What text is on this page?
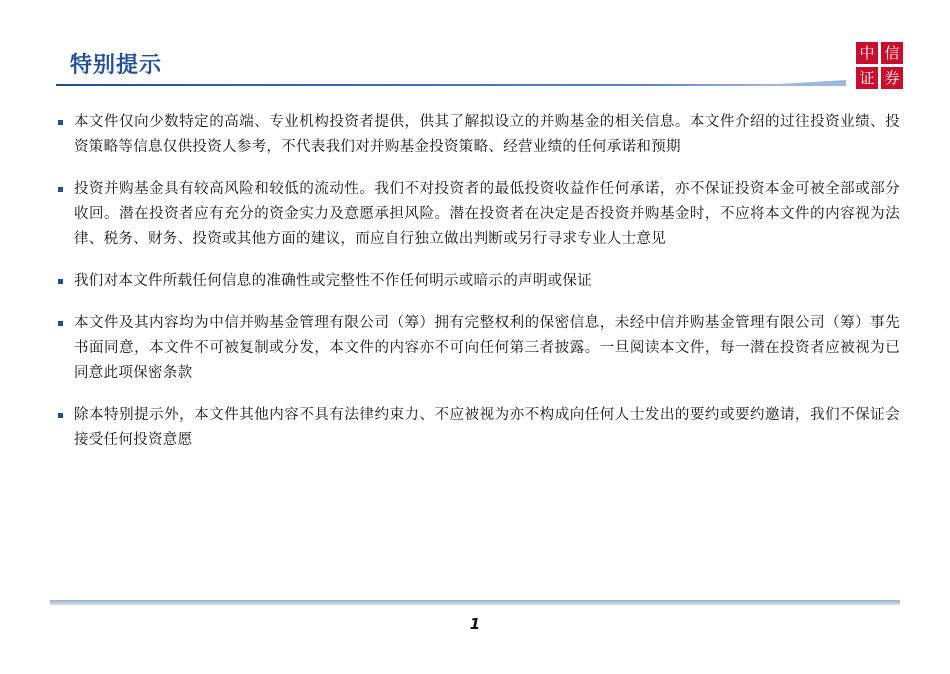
特别提示	中 信
证 券
本文件仅向少数特定的高端、专业机构投资者提供，供其了解拟设立的并购基金的相关信息。本文件介绍的过往投资业绩、投资策略等信息仅供投资人参考，不代表我们对并购基金投资策略、经营业绩的任何承诺和预期
投资并购基金具有较高风险和较低的流动性。我们不对投资者的最低投资收益作任何承诺，亦不保证投资本金可被全部或部分收回。潜在投资者应有充分的资金实力及意愿承担风险。潜在投资者在决定是否投资并购基金时，不应将本文件的内容视为法律、税务、财务、投资或其他方面的建议，而应自行独立做出判断或另行寻求专业人士意见
我们对本文件所载任何信息的准确性或完整性不作任何明示或暗示的声明或保证
本文件及其内容均为中信并购基金管理有限公司（筹）拥有完整权利的保密信息，未经中信并购基金管理有限公司（筹）事先书面同意，本文件不可被复制或分发，本文件的内容亦不可向任何第三者披露。一旦阅读本文件，每一潜在投资者应被视为已同意此项保密条款
除本特别提示外，本文件其他内容不具有法律约束力、不应被视为亦不构成向任何人士发出的要约或要约邀请，我们不保证会接受任何投资意愿
1
